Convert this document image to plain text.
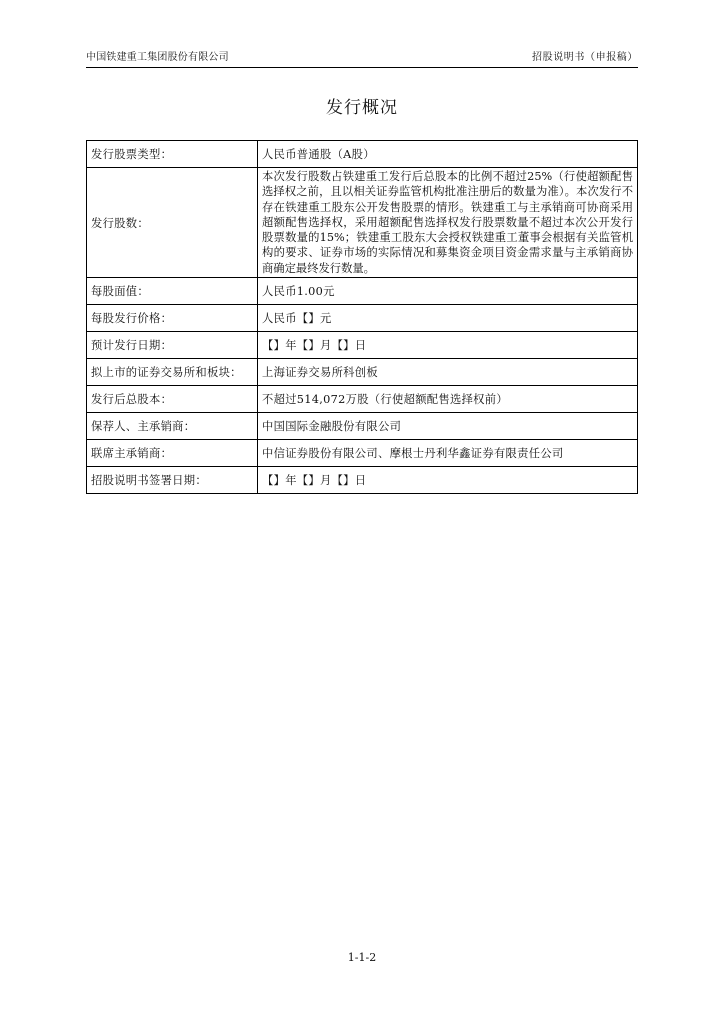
中国铁建重工集团股份有限公司	招股说明书（申报稿）
发行概况
发行股票类型：	人民币普通股（A股）
发行股数：	本次发行股数占铁建重工发行后总股本的比例不超过25%（行使超额配售选择权之前，且以相关证券监管机构批准注册后的数量为准）。本次发行不存在铁建重工股东公开发售股票的情形。铁建重工与主承销商可协商采用超额配售选择权，采用超额配售选择权发行股票数量不超过本次公开发行股票数量的15%；铁建重工股东大会授权铁建重工董事会根据有关监管机构的要求、证券市场的实际情况和募集资金项目资金需求量与主承销商协商确定最终发行数量。
每股面值：	人民币1.00元
每股发行价格：	人民币【】元
预计发行日期：	【】年【】月【】日
拟上市的证券交易所和板块：	上海证券交易所科创板
发行后总股本：	不超过514,072万股（行使超额配售选择权前）
保荐人、主承销商：	中国国际金融股份有限公司
联席主承销商：	中信证券股份有限公司、摩根士丹利华鑫证券有限责任公司
招股说明书签署日期：	【】年【】月【】日
1-1-2
